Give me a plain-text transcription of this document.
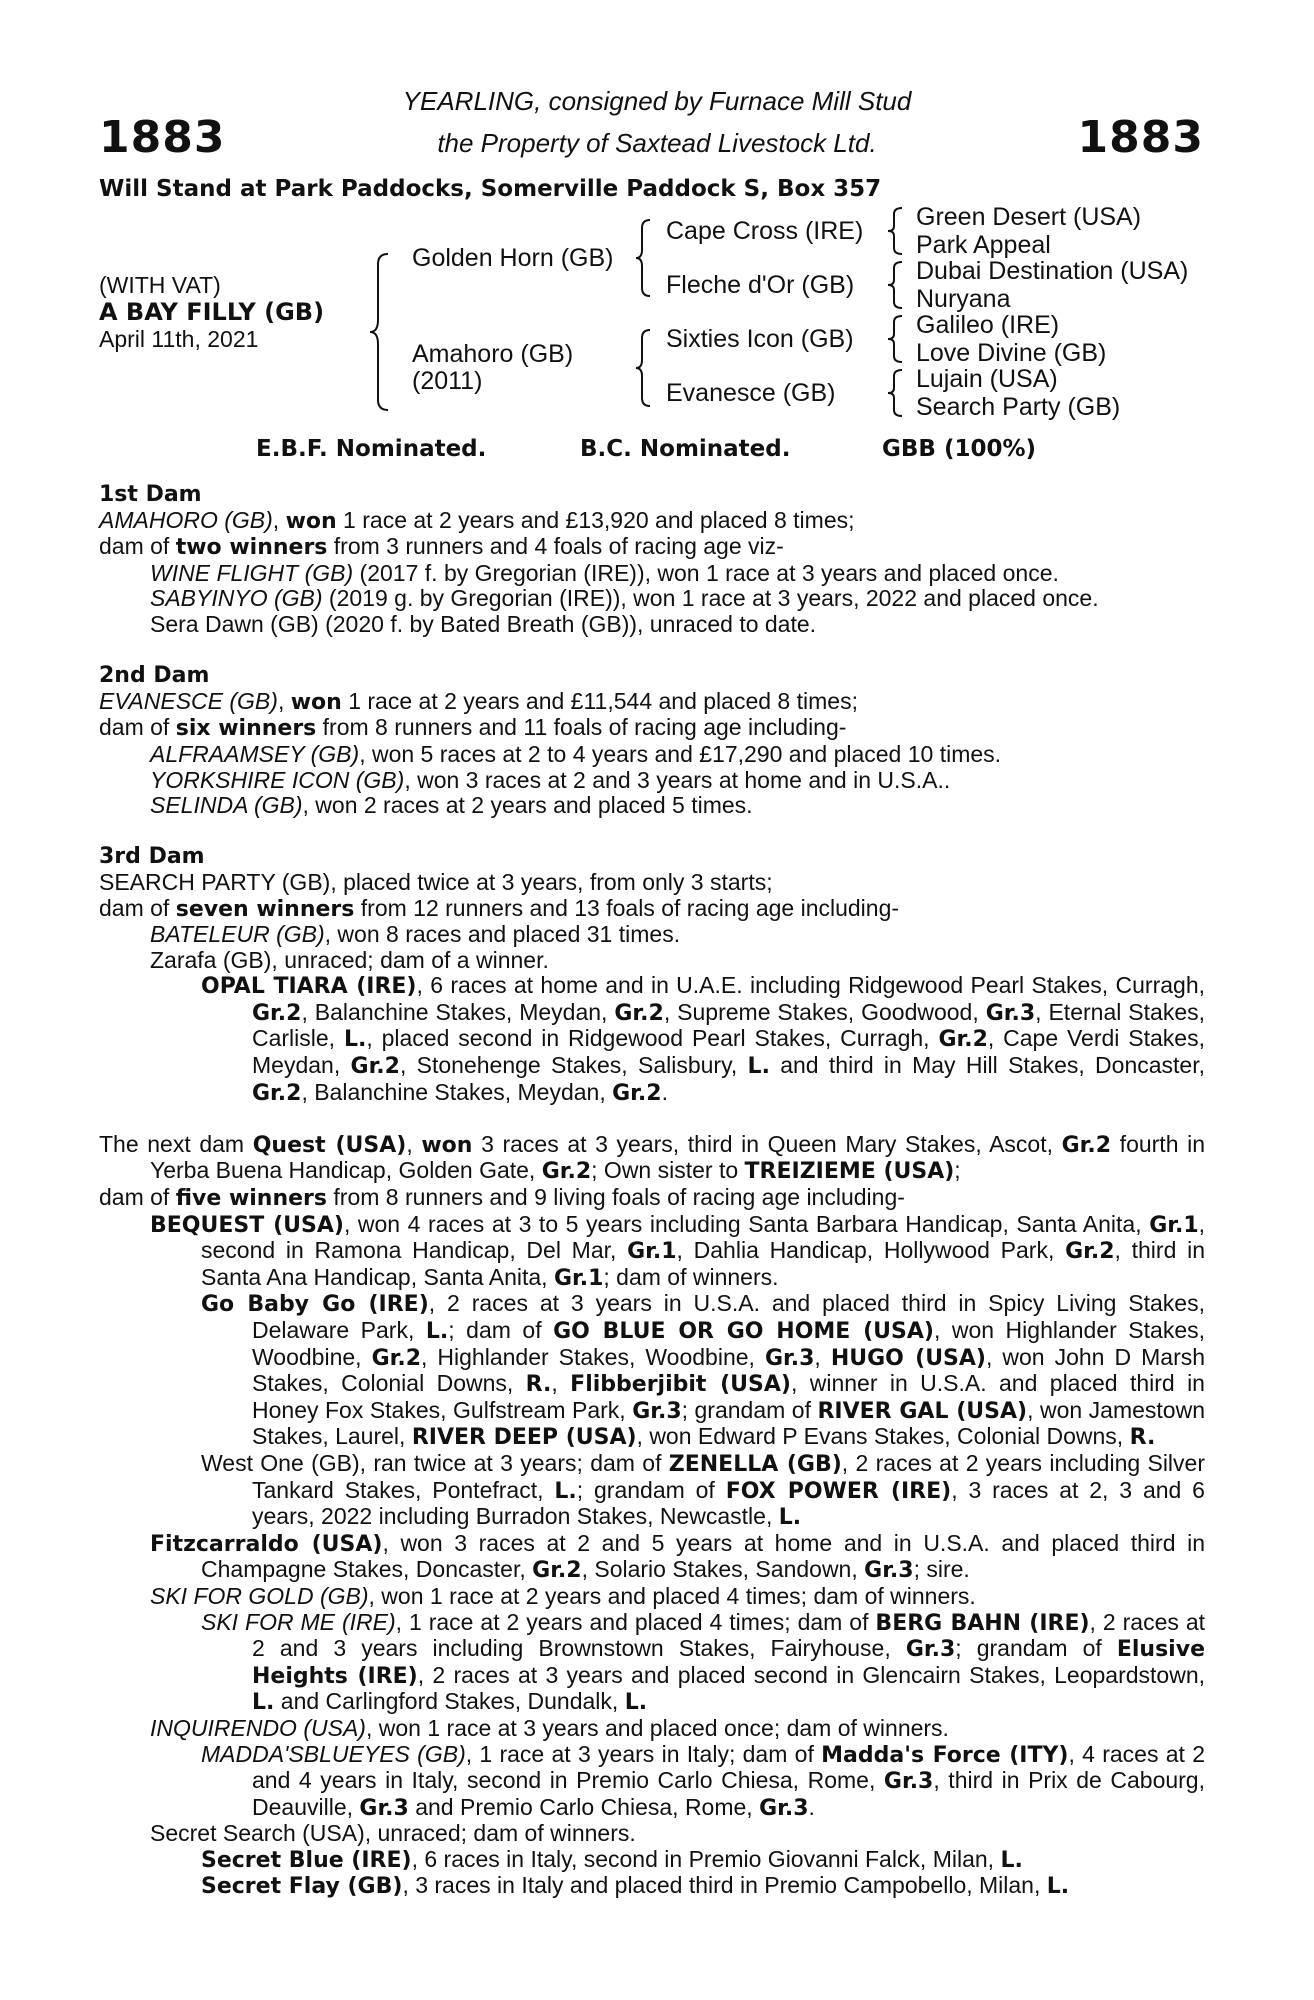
1883	1883
YEARLING, consigned by Furnace Mill Stud
the Property of Saxtead Livestock Ltd.
Will Stand at Park Paddocks, Somerville Paddock S, Box 357
(WITH VAT)
A BAY FILLY (GB)
April 11th, 2021
Golden Horn (GB)
Amahoro (GB)
(2011)
Cape Cross (IRE)
Fleche d'Or (GB)
Sixties Icon (GB)
Evanesce (GB)
Green Desert (USA)
Park Appeal
Dubai Destination (USA)
Nuryana
Galileo (IRE)
Love Divine (GB)
Lujain (USA)
Search Party (GB)
E.B.F. Nominated.	B.C. Nominated.	GBB (100%)

1st Dam

AMAHORO (GB), won 1 race at 2 years and £13,920 and placed 8 times;

dam of two winners from 3 runners and 4 foals of racing age viz-

WINE FLIGHT (GB) (2017 f. by Gregorian (IRE)), won 1 race at 3 years and placed once.

SABYINYO (GB) (2019 g. by Gregorian (IRE)), won 1 race at 3 years, 2022 and placed once.

Sera Dawn (GB) (2020 f. by Bated Breath (GB)), unraced to date.

2nd Dam

EVANESCE (GB), won 1 race at 2 years and £11,544 and placed 8 times;

dam of six winners from 8 runners and 11 foals of racing age including-

ALFRAAMSEY (GB), won 5 races at 2 to 4 years and £17,290 and placed 10 times.

YORKSHIRE ICON (GB), won 3 races at 2 and 3 years at home and in U.S.A..

SELINDA (GB), won 2 races at 2 years and placed 5 times.

3rd Dam

SEARCH PARTY (GB), placed twice at 3 years, from only 3 starts;

dam of seven winners from 12 runners and 13 foals of racing age including-

BATELEUR (GB), won 8 races and placed 31 times.

Zarafa (GB), unraced; dam of a winner.

OPAL TIARA (IRE), 6 races at home and in U.A.E. including Ridgewood Pearl Stakes, Curragh, Gr.2, Balanchine Stakes, Meydan, Gr.2, Supreme Stakes, Goodwood, Gr.3, Eternal Stakes, Carlisle, L., placed second in Ridgewood Pearl Stakes, Curragh, Gr.2, Cape Verdi Stakes, Meydan, Gr.2, Stonehenge Stakes, Salisbury, L. and third in May Hill Stakes, Doncaster, Gr.2, Balanchine Stakes, Meydan, Gr.2.

The next dam Quest (USA), won 3 races at 3 years, third in Queen Mary Stakes, Ascot, Gr.2 fourth in Yerba Buena Handicap, Golden Gate, Gr.2; Own sister to TREIZIEME (USA);

dam of five winners from 8 runners and 9 living foals of racing age including-

BEQUEST (USA), won 4 races at 3 to 5 years including Santa Barbara Handicap, Santa Anita, Gr.1, second in Ramona Handicap, Del Mar, Gr.1, Dahlia Handicap, Hollywood Park, Gr.2, third in Santa Ana Handicap, Santa Anita, Gr.1; dam of winners.

Go Baby Go (IRE), 2 races at 3 years in U.S.A. and placed third in Spicy Living Stakes, Delaware Park, L.; dam of GO BLUE OR GO HOME (USA), won Highlander Stakes, Woodbine, Gr.2, Highlander Stakes, Woodbine, Gr.3, HUGO (USA), won John D Marsh Stakes, Colonial Downs, R., Flibberjibit (USA), winner in U.S.A. and placed third in Honey Fox Stakes, Gulfstream Park, Gr.3; grandam of RIVER GAL (USA), won Jamestown Stakes, Laurel, RIVER DEEP (USA), won Edward P Evans Stakes, Colonial Downs, R.

West One (GB), ran twice at 3 years; dam of ZENELLA (GB), 2 races at 2 years including Silver Tankard Stakes, Pontefract, L.; grandam of FOX POWER (IRE), 3 races at 2, 3 and 6 years, 2022 including Burradon Stakes, Newcastle, L.

Fitzcarraldo (USA), won 3 races at 2 and 5 years at home and in U.S.A. and placed third in Champagne Stakes, Doncaster, Gr.2, Solario Stakes, Sandown, Gr.3; sire.

SKI FOR GOLD (GB), won 1 race at 2 years and placed 4 times; dam of winners.

SKI FOR ME (IRE), 1 race at 2 years and placed 4 times; dam of BERG BAHN (IRE), 2 races at 2 and 3 years including Brownstown Stakes, Fairyhouse, Gr.3; grandam of Elusive Heights (IRE), 2 races at 3 years and placed second in Glencairn Stakes, Leopardstown, L. and Carlingford Stakes, Dundalk, L.

INQUIRENDO (USA), won 1 race at 3 years and placed once; dam of winners.

MADDA'SBLUEYES (GB), 1 race at 3 years in Italy; dam of Madda's Force (ITY), 4 races at 2 and 4 years in Italy, second in Premio Carlo Chiesa, Rome, Gr.3, third in Prix de Cabourg, Deauville, Gr.3 and Premio Carlo Chiesa, Rome, Gr.3.

Secret Search (USA), unraced; dam of winners.

Secret Blue (IRE), 6 races in Italy, second in Premio Giovanni Falck, Milan, L.

Secret Flay (GB), 3 races in Italy and placed third in Premio Campobello, Milan, L.
